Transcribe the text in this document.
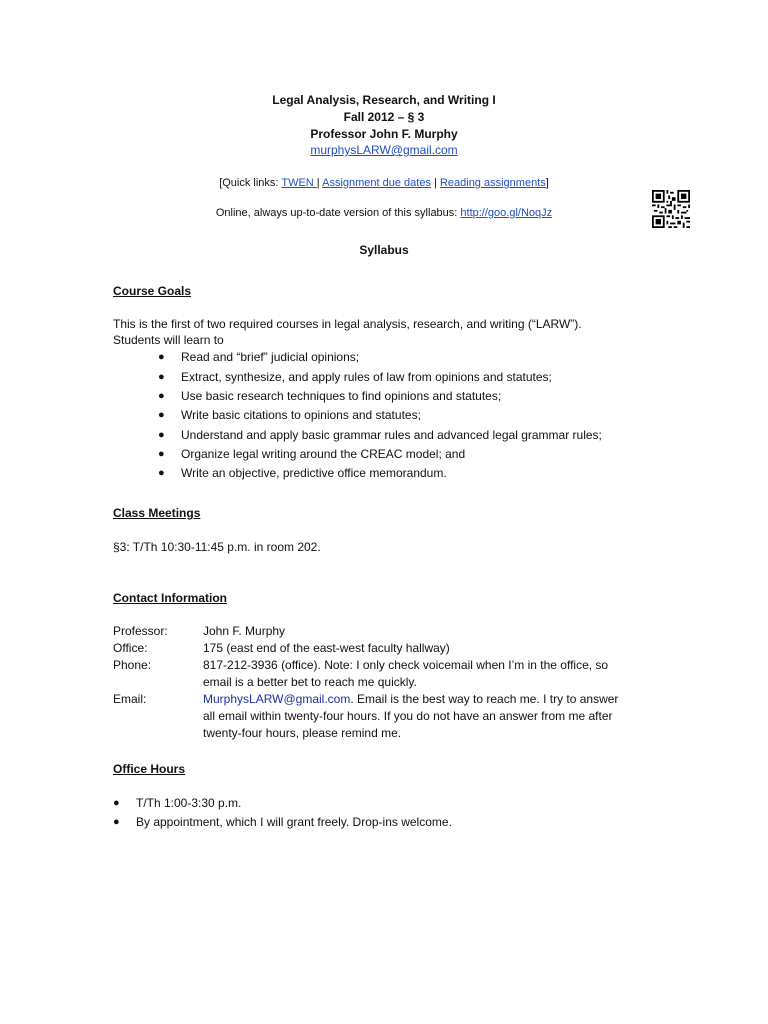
Legal Analysis, Research, and Writing I

Fall 2012 – § 3

Professor John F. Murphy

murphysLARW@gmail.com

[Quick links: TWEN | Assignment due dates | Reading assignments]

Online, always up-to-date version of this syllabus: http://goo.gl/NoqJz

Syllabus

Course Goals

This is the first of two required courses in legal analysis, research, and writing (“LARW”).

Students will learn to

● Read and “brief” judicial opinions;
● Extract, synthesize, and apply rules of law from opinions and statutes;
● Use basic research techniques to find opinions and statutes;
● Write basic citations to opinions and statutes;
● Understand and apply basic grammar rules and advanced legal grammar rules;
● Organize legal writing around the CREAC model; and
● Write an objective, predictive office memorandum.

Class Meetings

§3: T/Th 10:30-11:45 p.m. in room 202.

Contact Information

Professor:	John F. Murphy
Office:	175 (east end of the east-west faculty hallway)
Phone:	817-212-3936 (office). Note: I only check voicemail when I’m in the office, so
email is a better bet to reach me quickly.
Email:	MurphysLARW@gmail.com. Email is the best way to reach me. I try to answer
all email within twenty-four hours. If you do not have an answer from me after
twenty-four hours, please remind me.

Office Hours

● T/Th 1:00-3:30 p.m.
● By appointment, which I will grant freely. Drop-ins welcome.
